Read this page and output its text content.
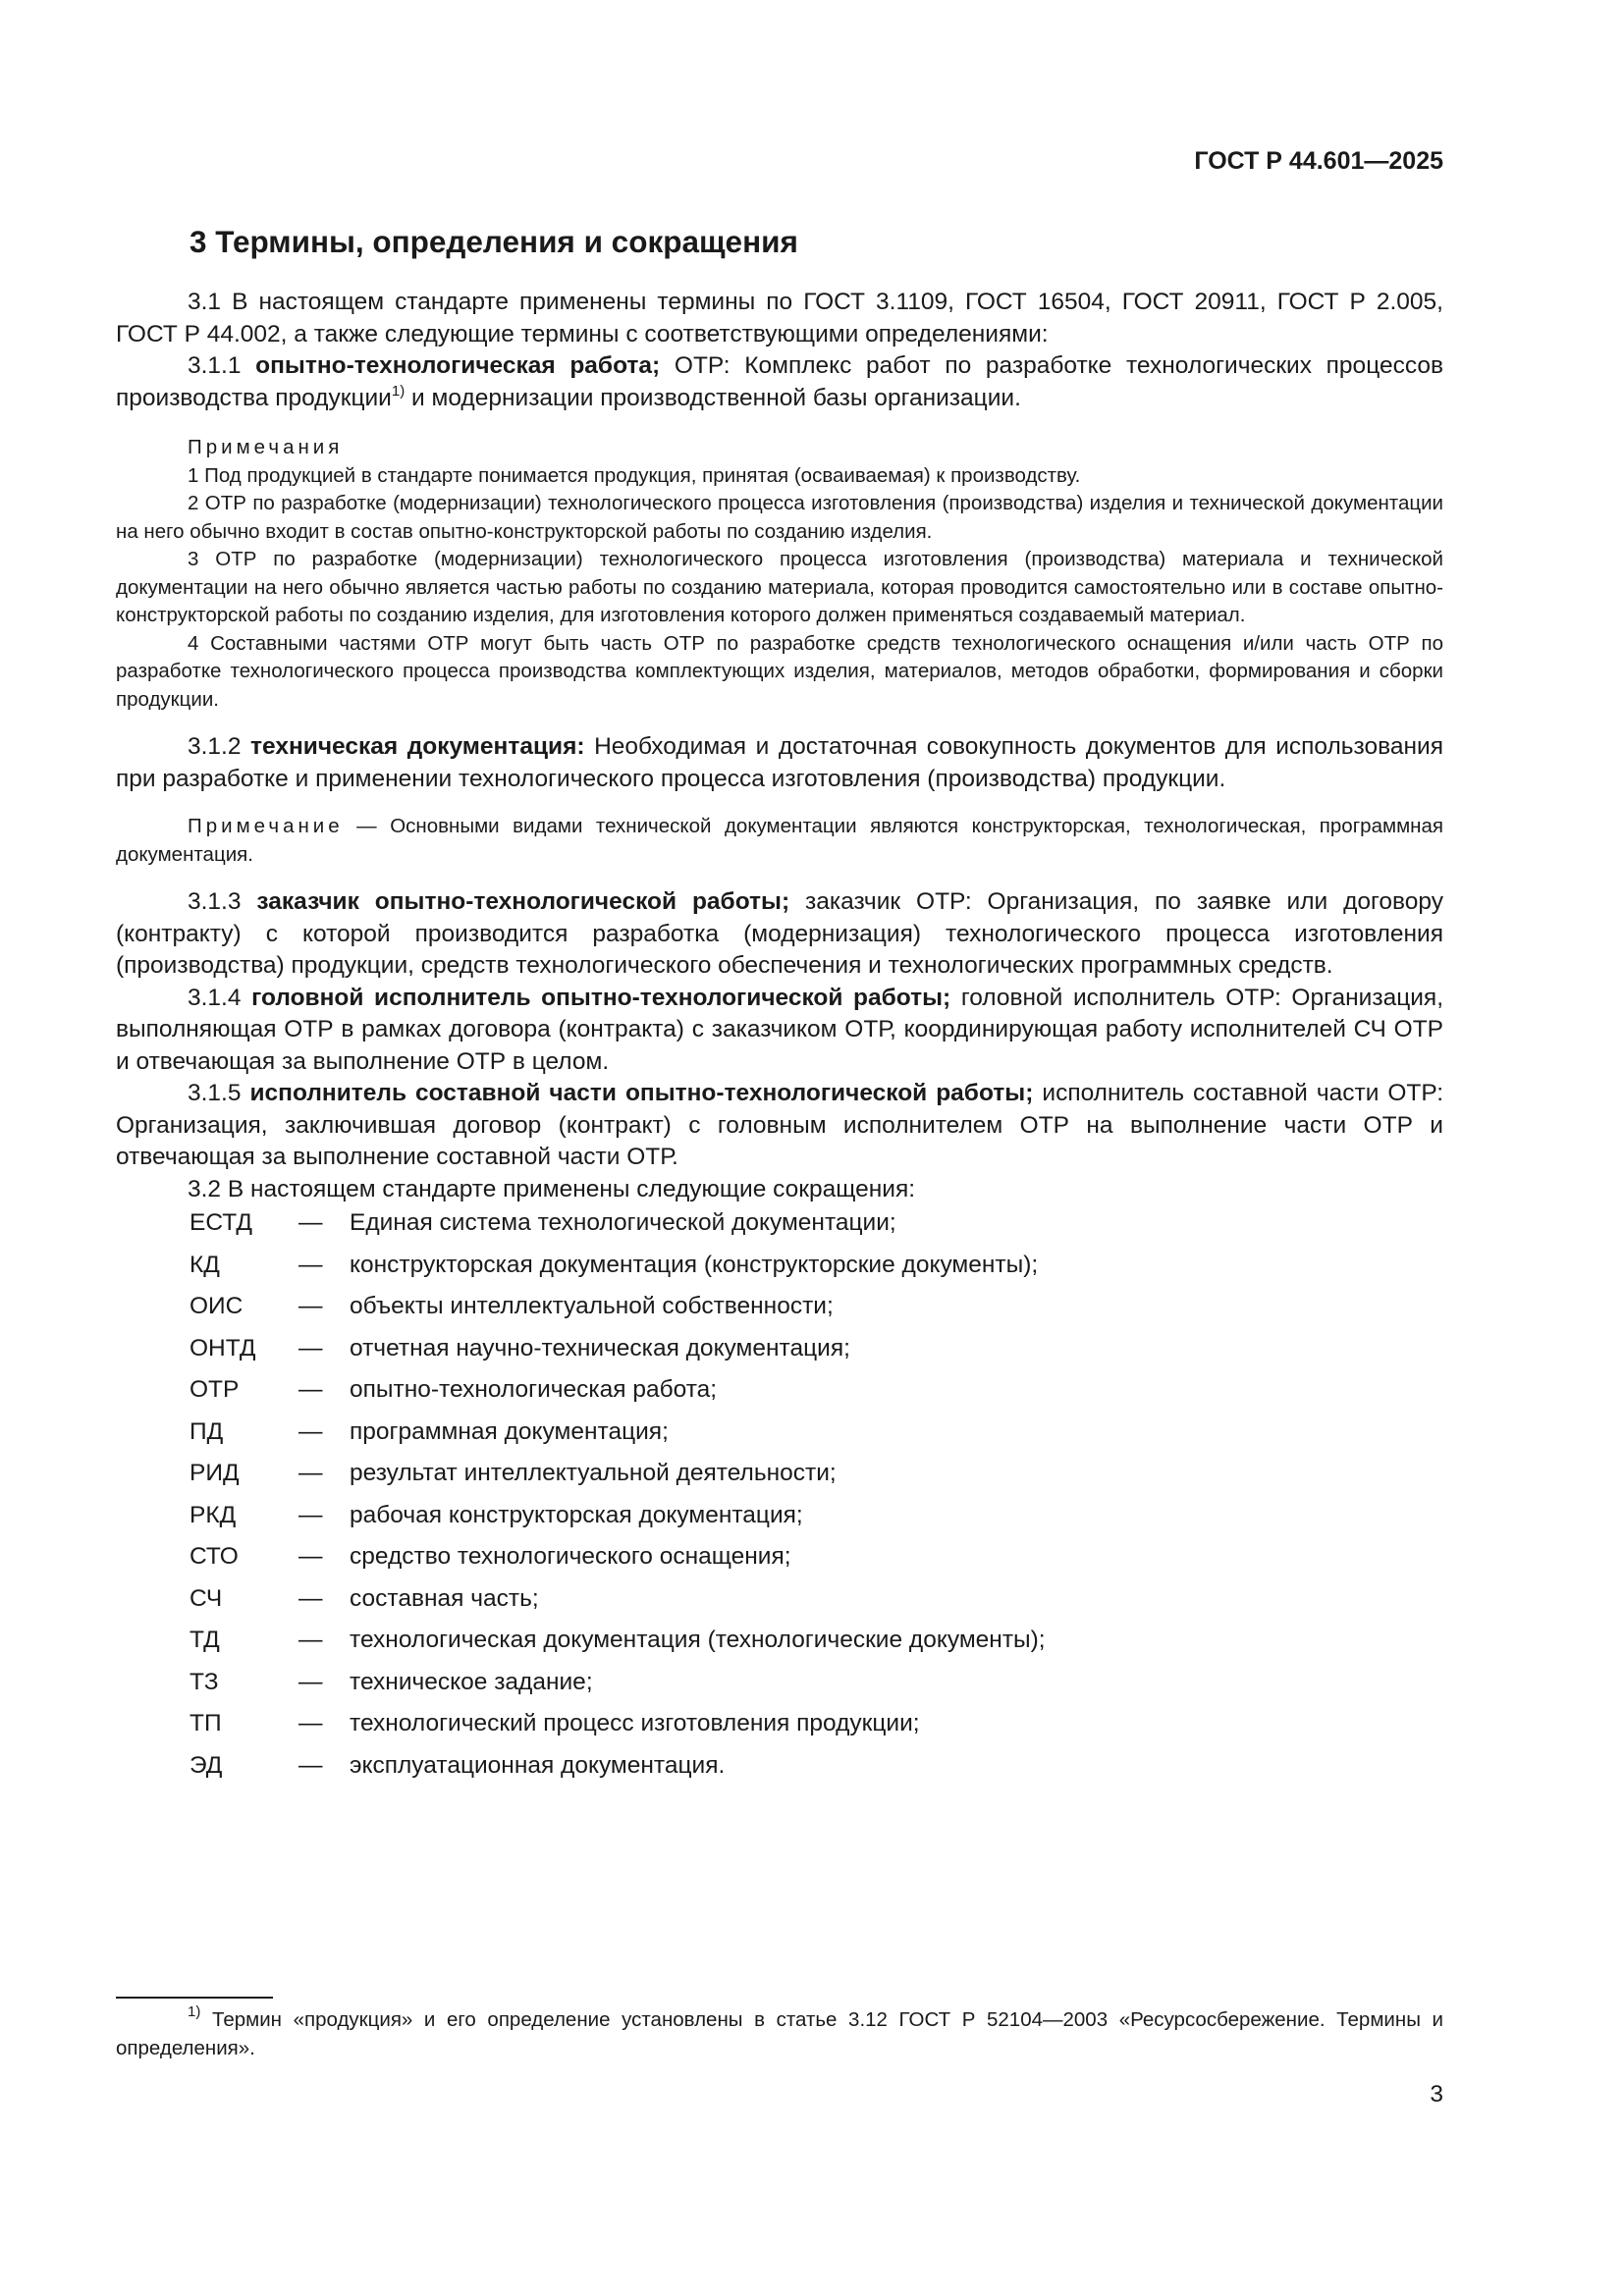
ГОСТ Р 44.601—2025
3 Термины, определения и сокращения

3.1 В настоящем стандарте применены термины по ГОСТ 3.1109, ГОСТ 16504, ГОСТ 20911, ГОСТ Р 2.005, ГОСТ Р 44.002, а также следующие термины с соответствующими определениями:

3.1.1 опытно-технологическая работа; ОТР: Комплекс работ по разработке технологических процессов производства продукции$^{1)}$ и модернизации производственной базы организации.

Примечания

1 Под продукцией в стандарте понимается продукция, принятая (осваиваемая) к производству.

2 ОТР по разработке (модернизации) технологического процесса изготовления (производства) изделия и технической документации на него обычно входит в состав опытно-конструкторской работы по созданию изделия.

3 ОТР по разработке (модернизации) технологического процесса изготовления (производства) материала и технической документации на него обычно является частью работы по созданию материала, которая проводится самостоятельно или в составе опытно-конструкторской работы по созданию изделия, для изготовления которого должен применяться создаваемый материал.

4 Составными частями ОТР могут быть часть ОТР по разработке средств технологического оснащения и/или часть ОТР по разработке технологического процесса производства комплектующих изделия, материалов, методов обработки, формирования и сборки продукции.

3.1.2 техническая документация: Необходимая и достаточная совокупность документов для использования при разработке и применении технологического процесса изготовления (производства) продукции.

Примечание — Основными видами технической документации являются конструкторская, технологическая, программная документация.

3.1.3 заказчик опытно-технологической работы; заказчик ОТР: Организация, по заявке или договору (контракту) с которой производится разработка (модернизация) технологического процесса изготовления (производства) продукции, средств технологического обеспечения и технологических программных средств.

3.1.4 головной исполнитель опытно-технологической работы; головной исполнитель ОТР: Организация, выполняющая ОТР в рамках договора (контракта) с заказчиком ОТР, координирующая работу исполнителей СЧ ОТР и отвечающая за выполнение ОТР в целом.

3.1.5 исполнитель составной части опытно-технологической работы; исполнитель составной части ОТР: Организация, заключившая договор (контракт) с головным исполнителем ОТР на выполнение части ОТР и отвечающая за выполнение составной части ОТР.

3.2 В настоящем стандарте применены следующие сокращения:

ЕСТД	—	Единая система технологической документации;
КД	—	конструкторская документация (конструкторские документы);
ОИС	—	объекты интеллектуальной собственности;
ОНТД	—	отчетная научно-техническая документация;
ОТР	—	опытно-технологическая работа;
ПД	—	программная документация;
РИД	—	результат интеллектуальной деятельности;
РКД	—	рабочая конструкторская документация;
СТО	—	средство технологического оснащения;
СЧ	—	составная часть;
ТД	—	технологическая документация (технологические документы);
ТЗ	—	техническое задание;
ТП	—	технологический процесс изготовления продукции;
ЭД	—	эксплуатационная документация.

$^{1)}$ Термин «продукция» и его определение установлены в статье 3.12 ГОСТ Р 52104—2003 «Ресурсосбережение. Термины и определения».

3
